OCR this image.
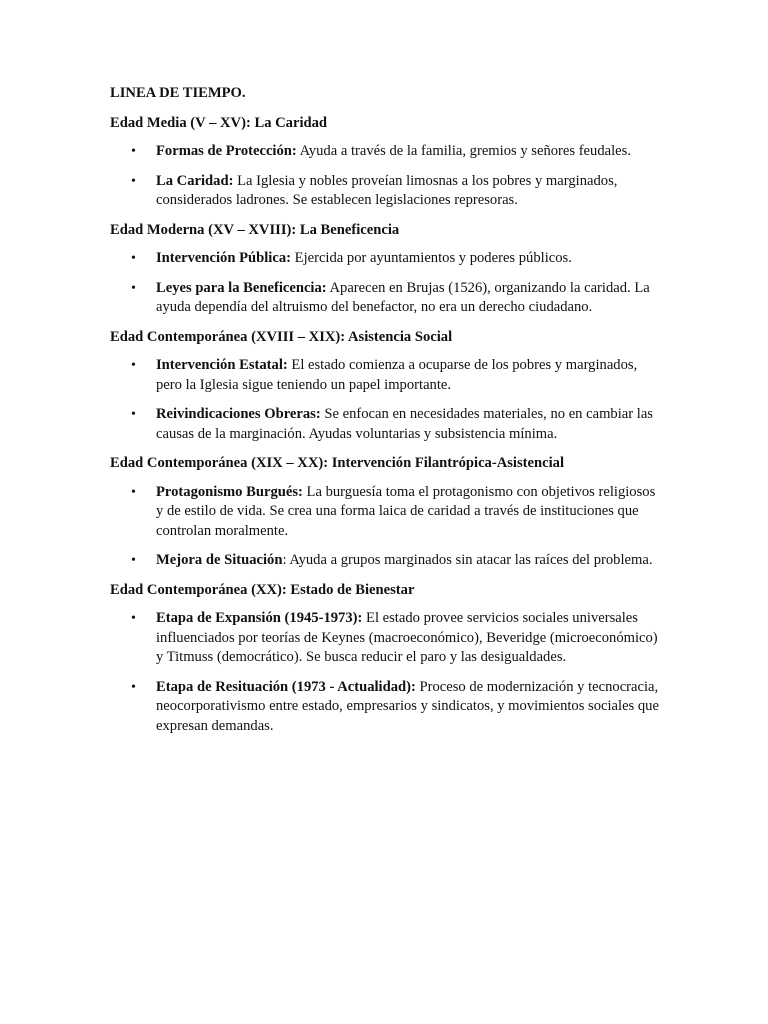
LINEA DE TIEMPO.
Edad Media (V – XV): La Caridad
• Formas de Protección: Ayuda a través de la familia, gremios y señores feudales.
• La Caridad: La Iglesia y nobles proveían limosnas a los pobres y marginados, considerados ladrones. Se establecen legislaciones represoras.
Edad Moderna (XV – XVIII): La Beneficencia
• Intervención Pública: Ejercida por ayuntamientos y poderes públicos.
• Leyes para la Beneficencia: Aparecen en Brujas (1526), organizando la caridad. La ayuda dependía del altruismo del benefactor, no era un derecho ciudadano.
Edad Contemporánea (XVIII – XIX): Asistencia Social
• Intervención Estatal: El estado comienza a ocuparse de los pobres y marginados, pero la Iglesia sigue teniendo un papel importante.
• Reivindicaciones Obreras: Se enfocan en necesidades materiales, no en cambiar las causas de la marginación. Ayudas voluntarias y subsistencia mínima.
Edad Contemporánea (XIX – XX): Intervención Filantrópica-Asistencial
• Protagonismo Burgués: La burguesía toma el protagonismo con objetivos religiosos y de estilo de vida. Se crea una forma laica de caridad a través de instituciones que controlan moralmente.
• Mejora de Situación: Ayuda a grupos marginados sin atacar las raíces del problema.
Edad Contemporánea (XX): Estado de Bienestar
• Etapa de Expansión (1945-1973): El estado provee servicios sociales universales influenciados por teorías de Keynes (macroeconómico), Beveridge (microeconómico) y Titmuss (democrático). Se busca reducir el paro y las desigualdades.
• Etapa de Resituación (1973 - Actualidad): Proceso de modernización y tecnocracia, neocorporativismo entre estado, empresarios y sindicatos, y movimientos sociales que expresan demandas.
